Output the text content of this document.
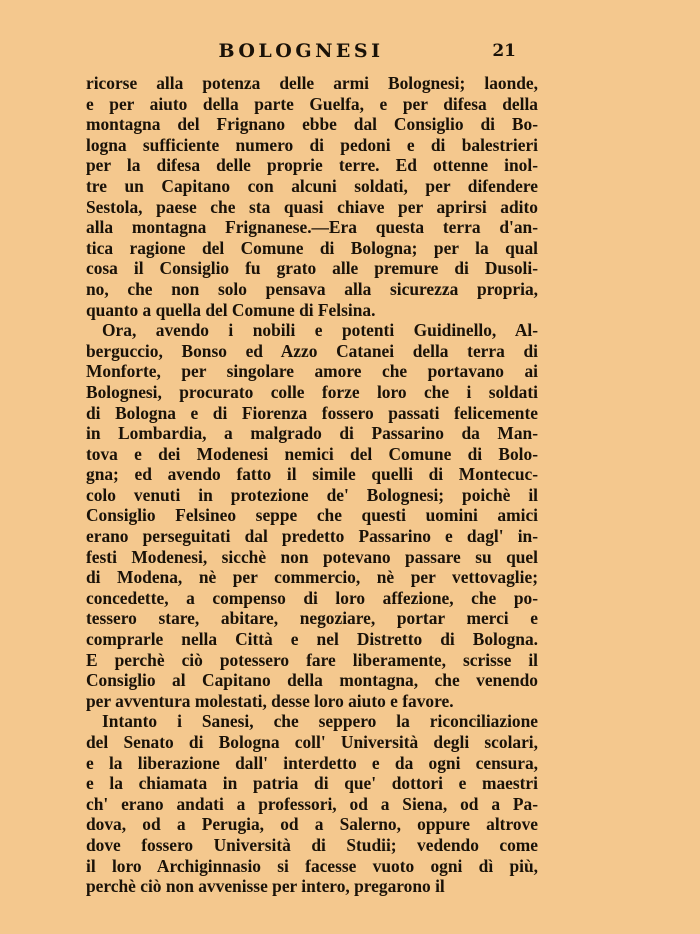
BOLOGNESI	21
ricorse alla potenza delle armi Bolognesi; laonde,
e per aiuto della parte Guelfa, e per difesa della
montagna del Frignano ebbe dal Consiglio di Bo-
logna sufficiente numero di pedoni e di balestrieri
per la difesa delle proprie terre. Ed ottenne inol-
tre un Capitano con alcuni soldati, per difendere
Sestola, paese che sta quasi chiave per aprirsi adito
alla montagna Frignanese.—Era questa terra d'an-
tica ragione del Comune di Bologna; per la qual
cosa il Consiglio fu grato alle premure di Dusoli-
no, che non solo pensava alla sicurezza propria,
quanto a quella del Comune di Felsina.
Ora, avendo i nobili e potenti Guidinello, Al-
berguccio, Bonso ed Azzo Catanei della terra di
Monforte, per singolare amore che portavano ai
Bolognesi, procurato colle forze loro che i soldati
di Bologna e di Fiorenza fossero passati felicemente
in Lombardia, a malgrado di Passarino da Man-
tova e dei Modenesi nemici del Comune di Bolo-
gna; ed avendo fatto il simile quelli di Montecuc-
colo venuti in protezione de' Bolognesi; poichè il
Consiglio Felsineo seppe che questi uomini amici
erano perseguitati dal predetto Passarino e dagl' in-
festi Modenesi, sicchè non potevano passare su quel
di Modena, nè per commercio, nè per vettovaglie;
concedette, a compenso di loro affezione, che po-
tessero stare, abitare, negoziare, portar merci e
comprarle nella Città e nel Distretto di Bologna.
E perchè ciò potessero fare liberamente, scrisse il
Consiglio al Capitano della montagna, che venendo
per avventura molestati, desse loro aiuto e favore.
Intanto i Sanesi, che seppero la riconciliazione
del Senato di Bologna coll' Università degli scolari,
e la liberazione dall' interdetto e da ogni censura,
e la chiamata in patria di que' dottori e maestri
ch' erano andati a professori, od a Siena, od a Pa-
dova, od a Perugia, od a Salerno, oppure altrove
dove fossero Università di Studii; vedendo come
il loro Archiginnasio si facesse vuoto ogni dì più,
perchè ciò non avvenisse per intero, pregarono il
